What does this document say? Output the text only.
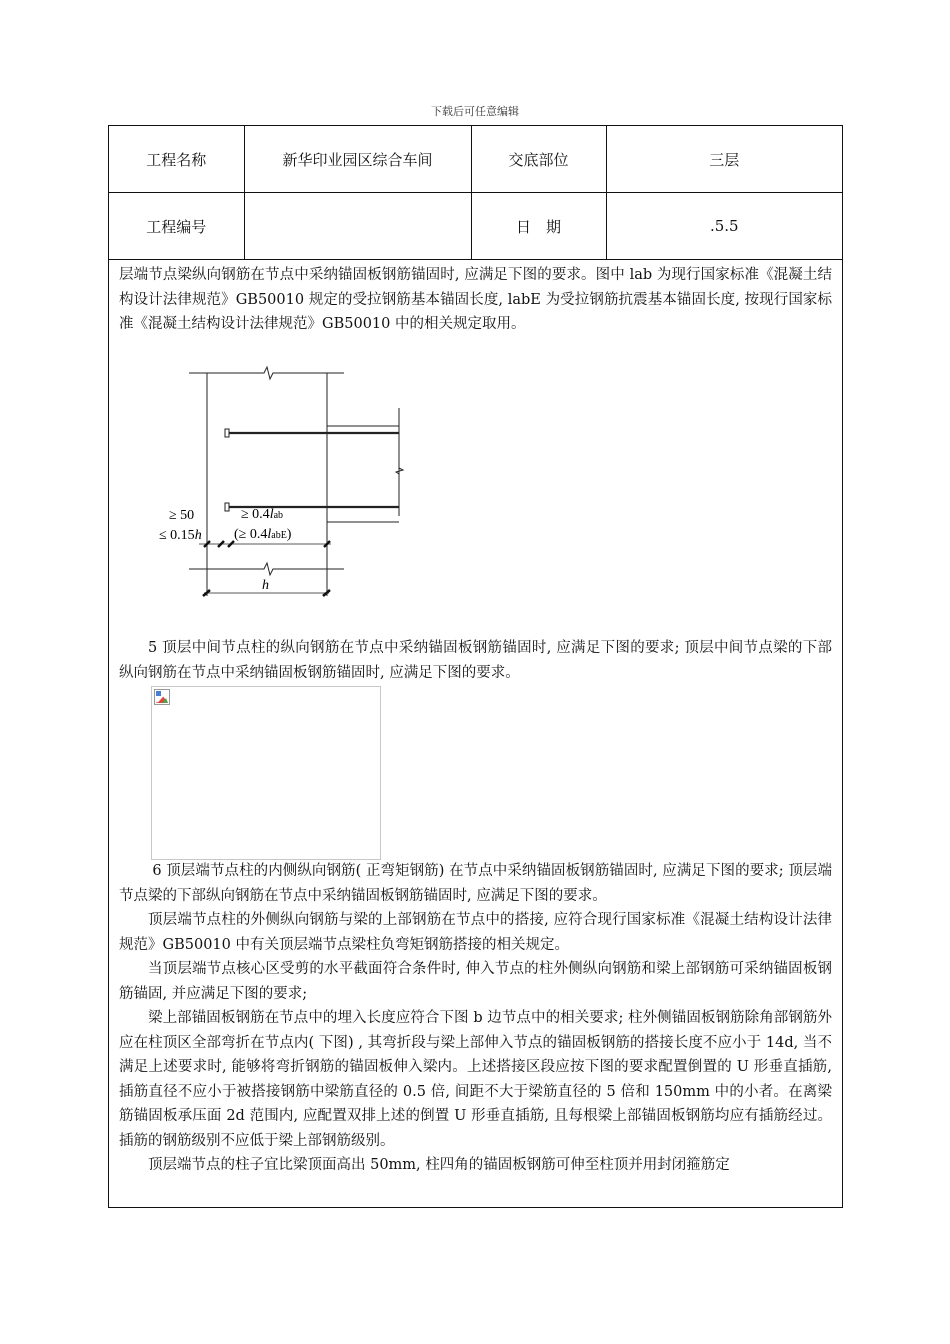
下载后可任意编辑
工程名称	新华印业园区综合车间	交底部位	三层
工程编号		日　期	.5.5
层端节点梁纵向钢筋在节点中采纳锚固板钢筋锚固时, 应满足下图的要求。图中 lab 为现行国家标准《混凝土结构设计法律规范》GB50010 规定的受拉钢筋基本锚固长度, labE 为受拉钢筋抗震基本锚固长度, 按现行国家标准《混凝土结构设计法律规范》GB50010 中的相关规定取用。
≥ 50
≤ 0.15h
≥ 0.4lab
(≥ 0.4labE)
h
5 顶层中间节点柱的纵向钢筋在节点中采纳锚固板钢筋锚固时, 应满足下图的要求; 顶层中间节点梁的下部纵向钢筋在节点中采纳锚固板钢筋锚固时, 应满足下图的要求。

6 顶层端节点柱的内侧纵向钢筋( 正弯矩钢筋) 在节点中采纳锚固板钢筋锚固时, 应满足下图的要求; 顶层端节点梁的下部纵向钢筋在节点中采纳锚固板钢筋锚固时, 应满足下图的要求。

顶层端节点柱的外侧纵向钢筋与梁的上部钢筋在节点中的搭接, 应符合现行国家标准《混凝土结构设计法律规范》GB50010 中有关顶层端节点梁柱负弯矩钢筋搭接的相关规定。

当顶层端节点核心区受剪的水平截面符合条件时, 伸入节点的柱外侧纵向钢筋和梁上部钢筋可采纳锚固板钢筋锚固, 并应满足下图的要求;

梁上部锚固板钢筋在节点中的埋入长度应符合下图 b 边节点中的相关要求; 柱外侧锚固板钢筋除角部钢筋外应在柱顶区全部弯折在节点内( 下图) , 其弯折段与梁上部伸入节点的锚固板钢筋的搭接长度不应小于 14d, 当不满足上述要求时, 能够将弯折钢筋的锚固板伸入梁内。上述搭接区段应按下图的要求配置倒置的 U 形垂直插筋, 插筋直径不应小于被搭接钢筋中梁筋直径的 0.5 倍, 间距不大于梁筋直径的 5 倍和 150mm 中的小者。在离梁筋锚固板承压面 2d 范围内, 应配置双排上述的倒置 U 形垂直插筋, 且每根梁上部锚固板钢筋均应有插筋经过。插筋的钢筋级别不应低于梁上部钢筋级别。

顶层端节点的柱子宜比梁顶面高出 50mm, 柱四角的锚固板钢筋可伸至柱顶并用封闭箍筋定
